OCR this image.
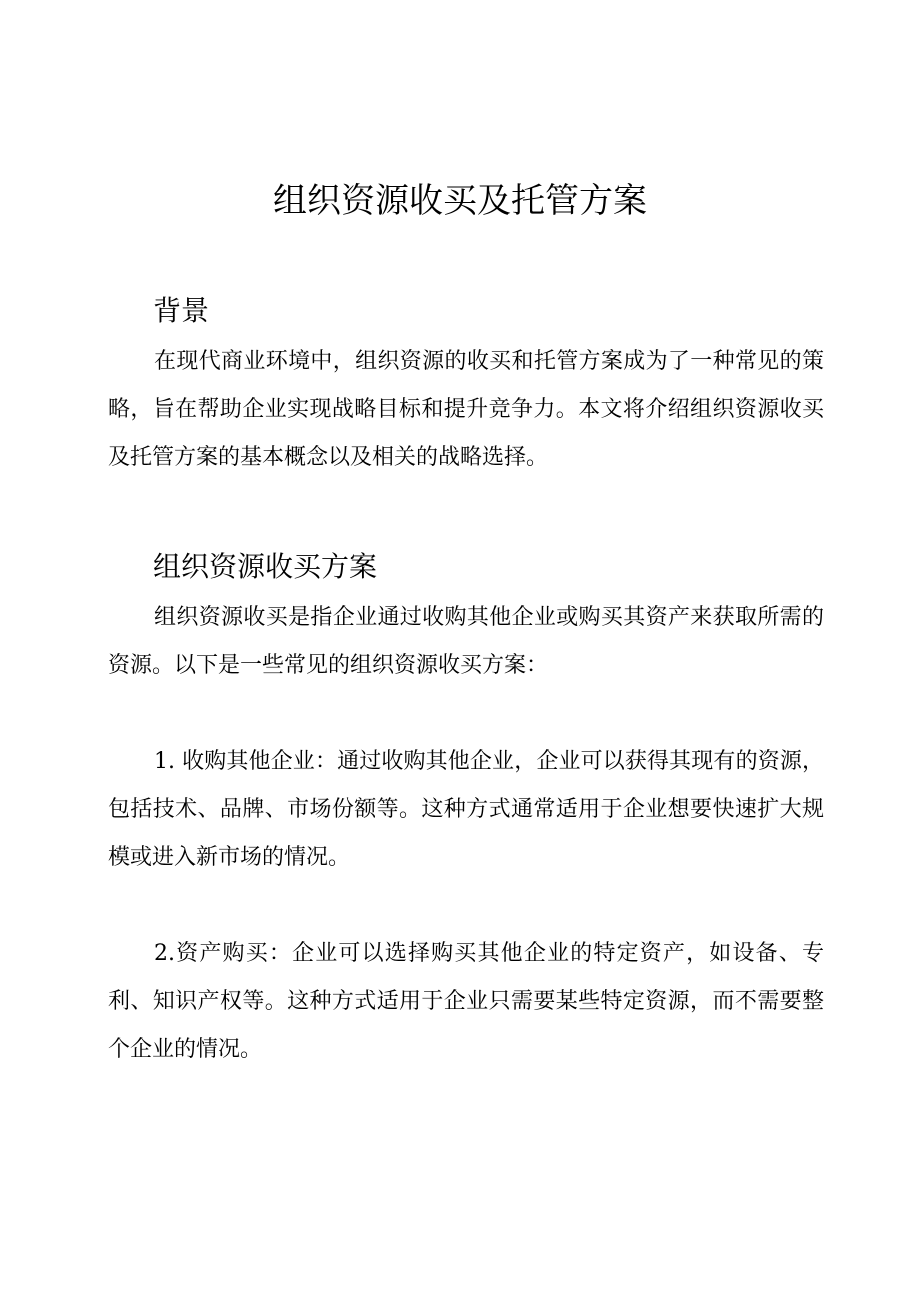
组织资源收买及托管方案
背景

在现代商业环境中，组织资源的收买和托管方案成为了一种常见的策略，旨在帮助企业实现战略目标和提升竞争力。本文将介绍组织资源收买及托管方案的基本概念以及相关的战略选择。

组织资源收买方案

组织资源收买是指企业通过收购其他企业或购买其资产来获取所需的资源。以下是一些常见的组织资源收买方案：

1. 收购其他企业：通过收购其他企业，企业可以获得其现有的资源，包括技术、品牌、市场份额等。这种方式通常适用于企业想要快速扩大规模或进入新市场的情况。

2.资产购买：企业可以选择购买其他企业的特定资产，如设备、专利、知识产权等。这种方式适用于企业只需要某些特定资源，而不需要整个企业的情况。
